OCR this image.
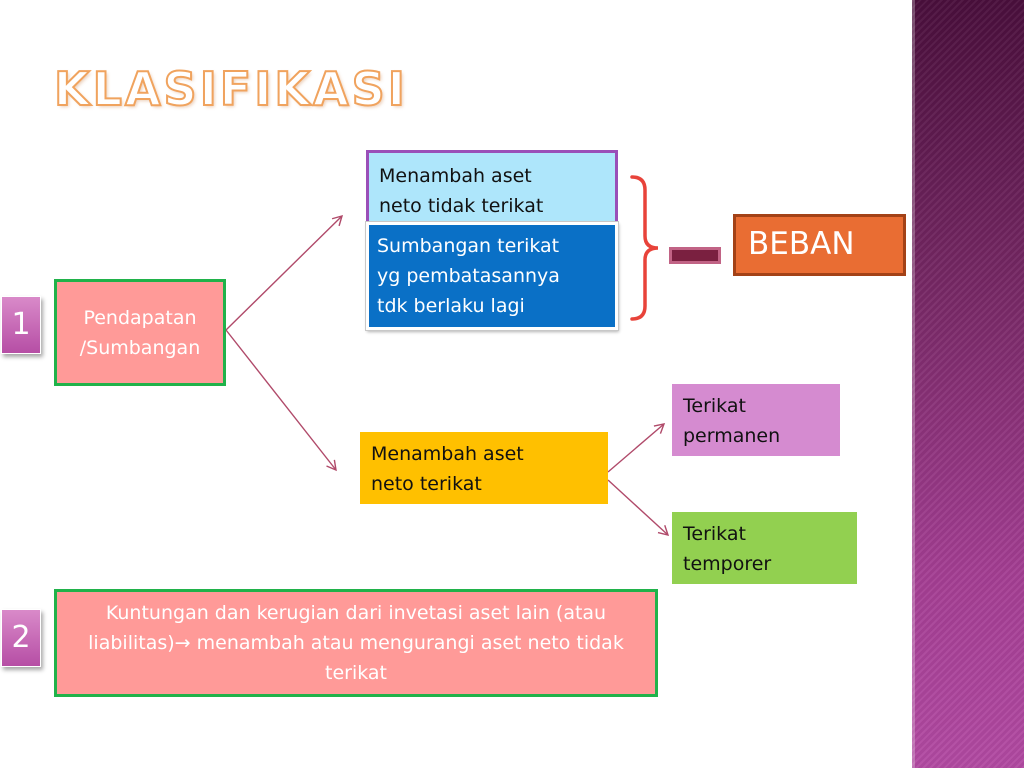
KLASIFIKASI
1
2
Pendapatan
/Sumbangan
Menambah aset
neto tidak terikat
Sumbangan terikat
yg pembatasannya
tdk berlaku lagi
BEBAN
Menambah aset
neto terikat
Terikat
permanen
Terikat
temporer
Kuntungan dan kerugian dari invetasi aset lain (atau liabilitas)→ menambah atau mengurangi aset neto tidak terikat
